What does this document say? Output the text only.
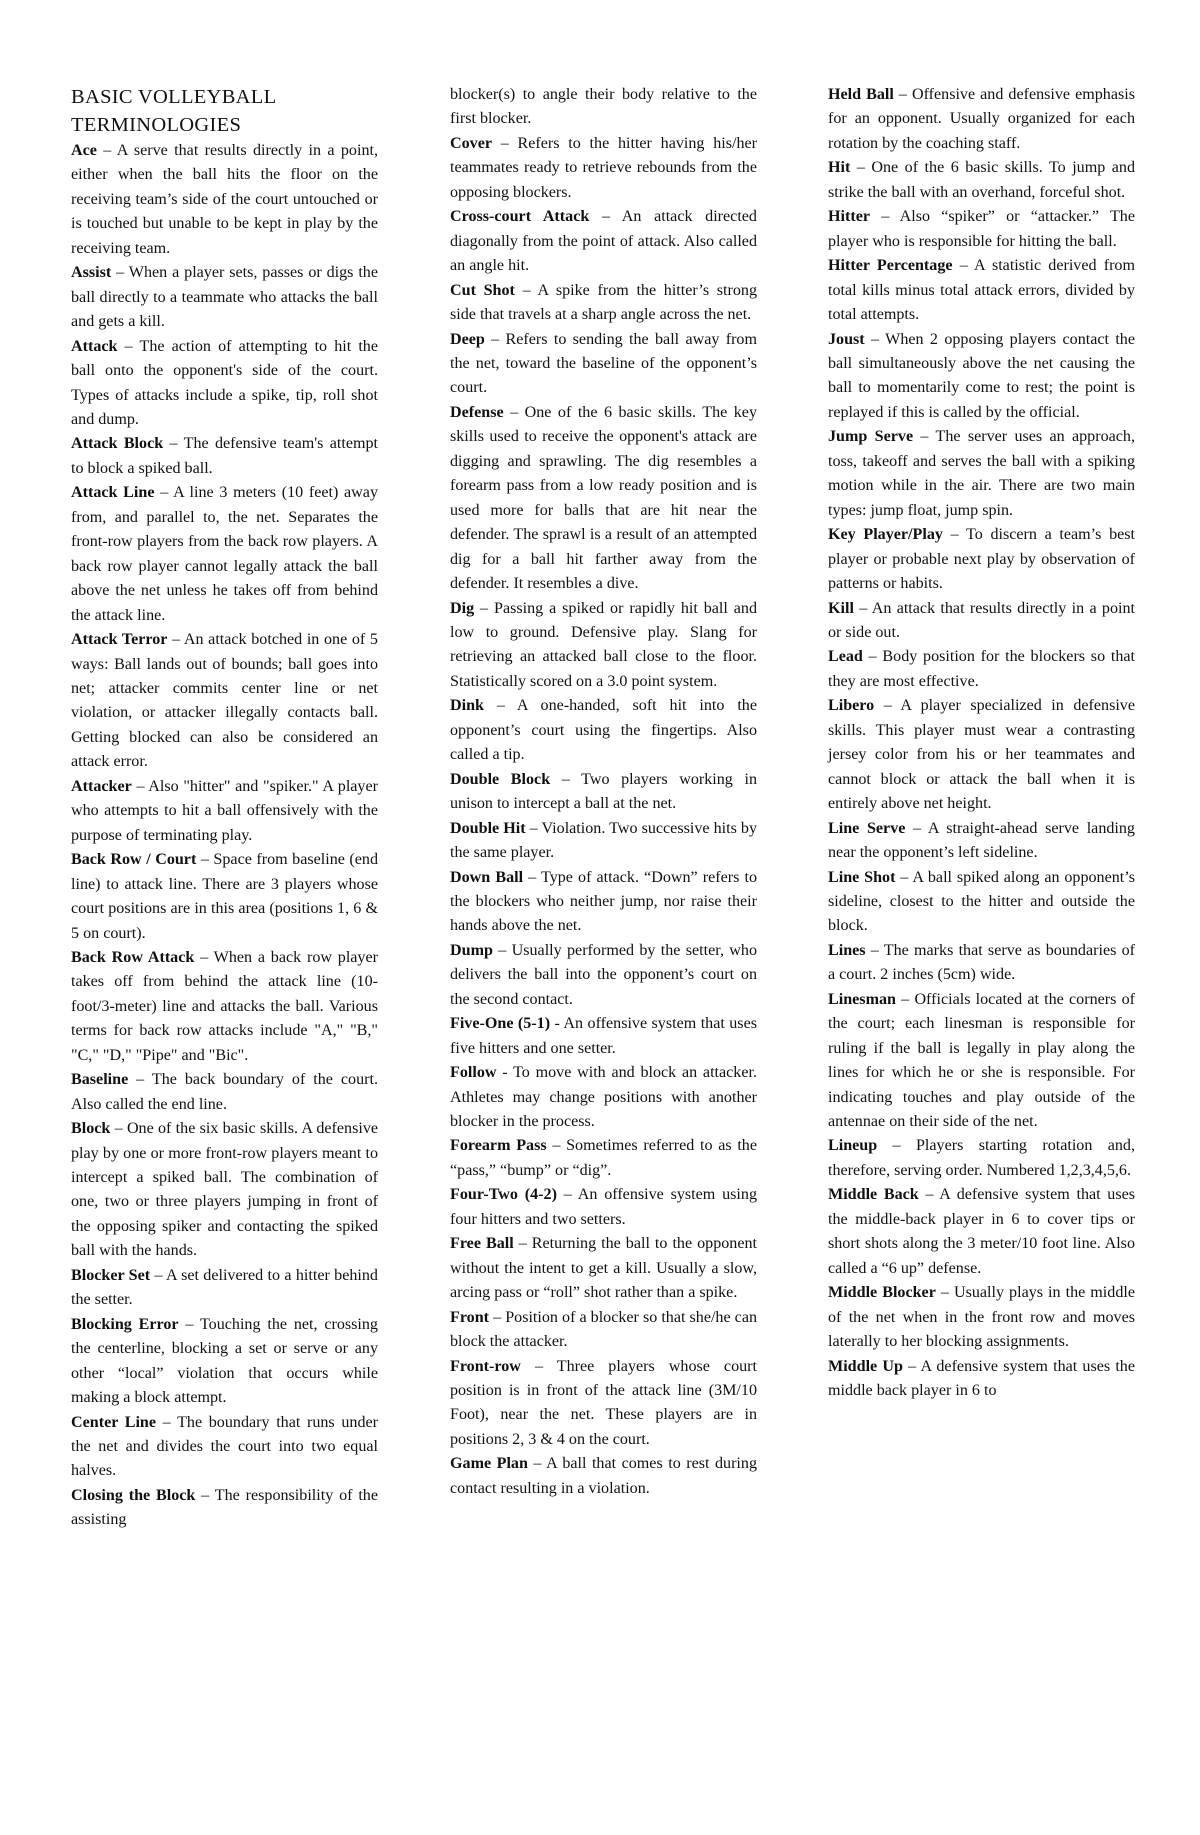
BASIC VOLLEYBALL TERMINOLOGIES

Ace – A serve that results directly in a point, either when the ball hits the floor on the receiving team’s side of the court untouched or is touched but unable to be kept in play by the receiving team.

Assist – When a player sets, passes or digs the ball directly to a teammate who attacks the ball and gets a kill.

Attack – The action of attempting to hit the ball onto the opponent's side of the court. Types of attacks include a spike, tip, roll shot and dump.

Attack Block – The defensive team's attempt to block a spiked ball.

Attack Line – A line 3 meters (10 feet) away from, and parallel to, the net. Separates the front-row players from the back row players. A back row player cannot legally attack the ball above the net unless he takes off from behind the attack line.

Attack Terror – An attack botched in one of 5 ways: Ball lands out of bounds; ball goes into net; attacker commits center line or net violation, or attacker illegally contacts ball. Getting blocked can also be considered an attack error.

Attacker – Also "hitter" and "spiker." A player who attempts to hit a ball offensively with the purpose of terminating play.

Back Row / Court – Space from baseline (end line) to attack line. There are 3 players whose court positions are in this area (positions 1, 6 & 5 on court).

Back Row Attack – When a back row player takes off from behind the attack line (10-foot/3-meter) line and attacks the ball. Various terms for back row attacks include "A," "B," "C," "D," "Pipe" and "Bic".

Baseline – The back boundary of the court. Also called the end line.

Block – One of the six basic skills. A defensive play by one or more front-row players meant to intercept a spiked ball. The combination of one, two or three players jumping in front of the opposing spiker and contacting the spiked ball with the hands.

Blocker Set – A set delivered to a hitter behind the setter.

Blocking Error – Touching the net, crossing the centerline, blocking a set or serve or any other “local” violation that occurs while making a block attempt.

Center Line – The boundary that runs under the net and divides the court into two equal halves.

Closing the Block – The responsibility of the assisting

blocker(s) to angle their body relative to the first blocker.

Cover – Refers to the hitter having his/her teammates ready to retrieve rebounds from the opposing blockers.

Cross-court Attack – An attack directed diagonally from the point of attack. Also called an angle hit.

Cut Shot – A spike from the hitter’s strong side that travels at a sharp angle across the net.

Deep – Refers to sending the ball away from the net, toward the baseline of the opponent’s court.

Defense – One of the 6 basic skills. The key skills used to receive the opponent's attack are digging and sprawling. The dig resembles a forearm pass from a low ready position and is used more for balls that are hit near the defender. The sprawl is a result of an attempted dig for a ball hit farther away from the defender. It resembles a dive.

Dig – Passing a spiked or rapidly hit ball and low to ground. Defensive play. Slang for retrieving an attacked ball close to the floor. Statistically scored on a 3.0 point system.

Dink – A one-handed, soft hit into the opponent’s court using the fingertips. Also called a tip.

Double Block – Two players working in unison to intercept a ball at the net.

Double Hit – Violation. Two successive hits by the same player.

Down Ball – Type of attack. “Down” refers to the blockers who neither jump, nor raise their hands above the net.

Dump – Usually performed by the setter, who delivers the ball into the opponent’s court on the second contact.

Five-One (5-1) - An offensive system that uses five hitters and one setter.

Follow - To move with and block an attacker. Athletes may change positions with another blocker in the process.

Forearm Pass – Sometimes referred to as the “pass,” “bump” or “dig”.

Four-Two (4-2) – An offensive system using four hitters and two setters.

Free Ball – Returning the ball to the opponent without the intent to get a kill. Usually a slow, arcing pass or “roll” shot rather than a spike.

Front – Position of a blocker so that she/he can block the attacker.

Front-row – Three players whose court position is in front of the attack line (3M/10 Foot), near the net. These players are in positions 2, 3 & 4 on the court.

Game Plan – A ball that comes to rest during contact resulting in a violation.

Held Ball – Offensive and defensive emphasis for an opponent. Usually organized for each rotation by the coaching staff.

Hit – One of the 6 basic skills. To jump and strike the ball with an overhand, forceful shot.

Hitter – Also “spiker” or “attacker.” The player who is responsible for hitting the ball.

Hitter Percentage – A statistic derived from total kills minus total attack errors, divided by total attempts.

Joust – When 2 opposing players contact the ball simultaneously above the net causing the ball to momentarily come to rest; the point is replayed if this is called by the official.

Jump Serve – The server uses an approach, toss, takeoff and serves the ball with a spiking motion while in the air. There are two main types: jump float, jump spin.

Key Player/Play – To discern a team’s best player or probable next play by observation of patterns or habits.

Kill – An attack that results directly in a point or side out.

Lead – Body position for the blockers so that they are most effective.

Libero – A player specialized in defensive skills. This player must wear a contrasting jersey color from his or her teammates and cannot block or attack the ball when it is entirely above net height.

Line Serve – A straight-ahead serve landing near the opponent’s left sideline.

Line Shot – A ball spiked along an opponent’s sideline, closest to the hitter and outside the block.

Lines – The marks that serve as boundaries of a court. 2 inches (5cm) wide.

Linesman – Officials located at the corners of the court; each linesman is responsible for ruling if the ball is legally in play along the lines for which he or she is responsible. For indicating touches and play outside of the antennae on their side of the net.

Lineup – Players starting rotation and, therefore, serving order. Numbered 1,2,3,4,5,6.

Middle Back – A defensive system that uses the middle-back player in 6 to cover tips or short shots along the 3 meter/10 foot line. Also called a “6 up” defense.

Middle Blocker – Usually plays in the middle of the net when in the front row and moves laterally to her blocking assignments.

Middle Up – A defensive system that uses the middle back player in 6 to
